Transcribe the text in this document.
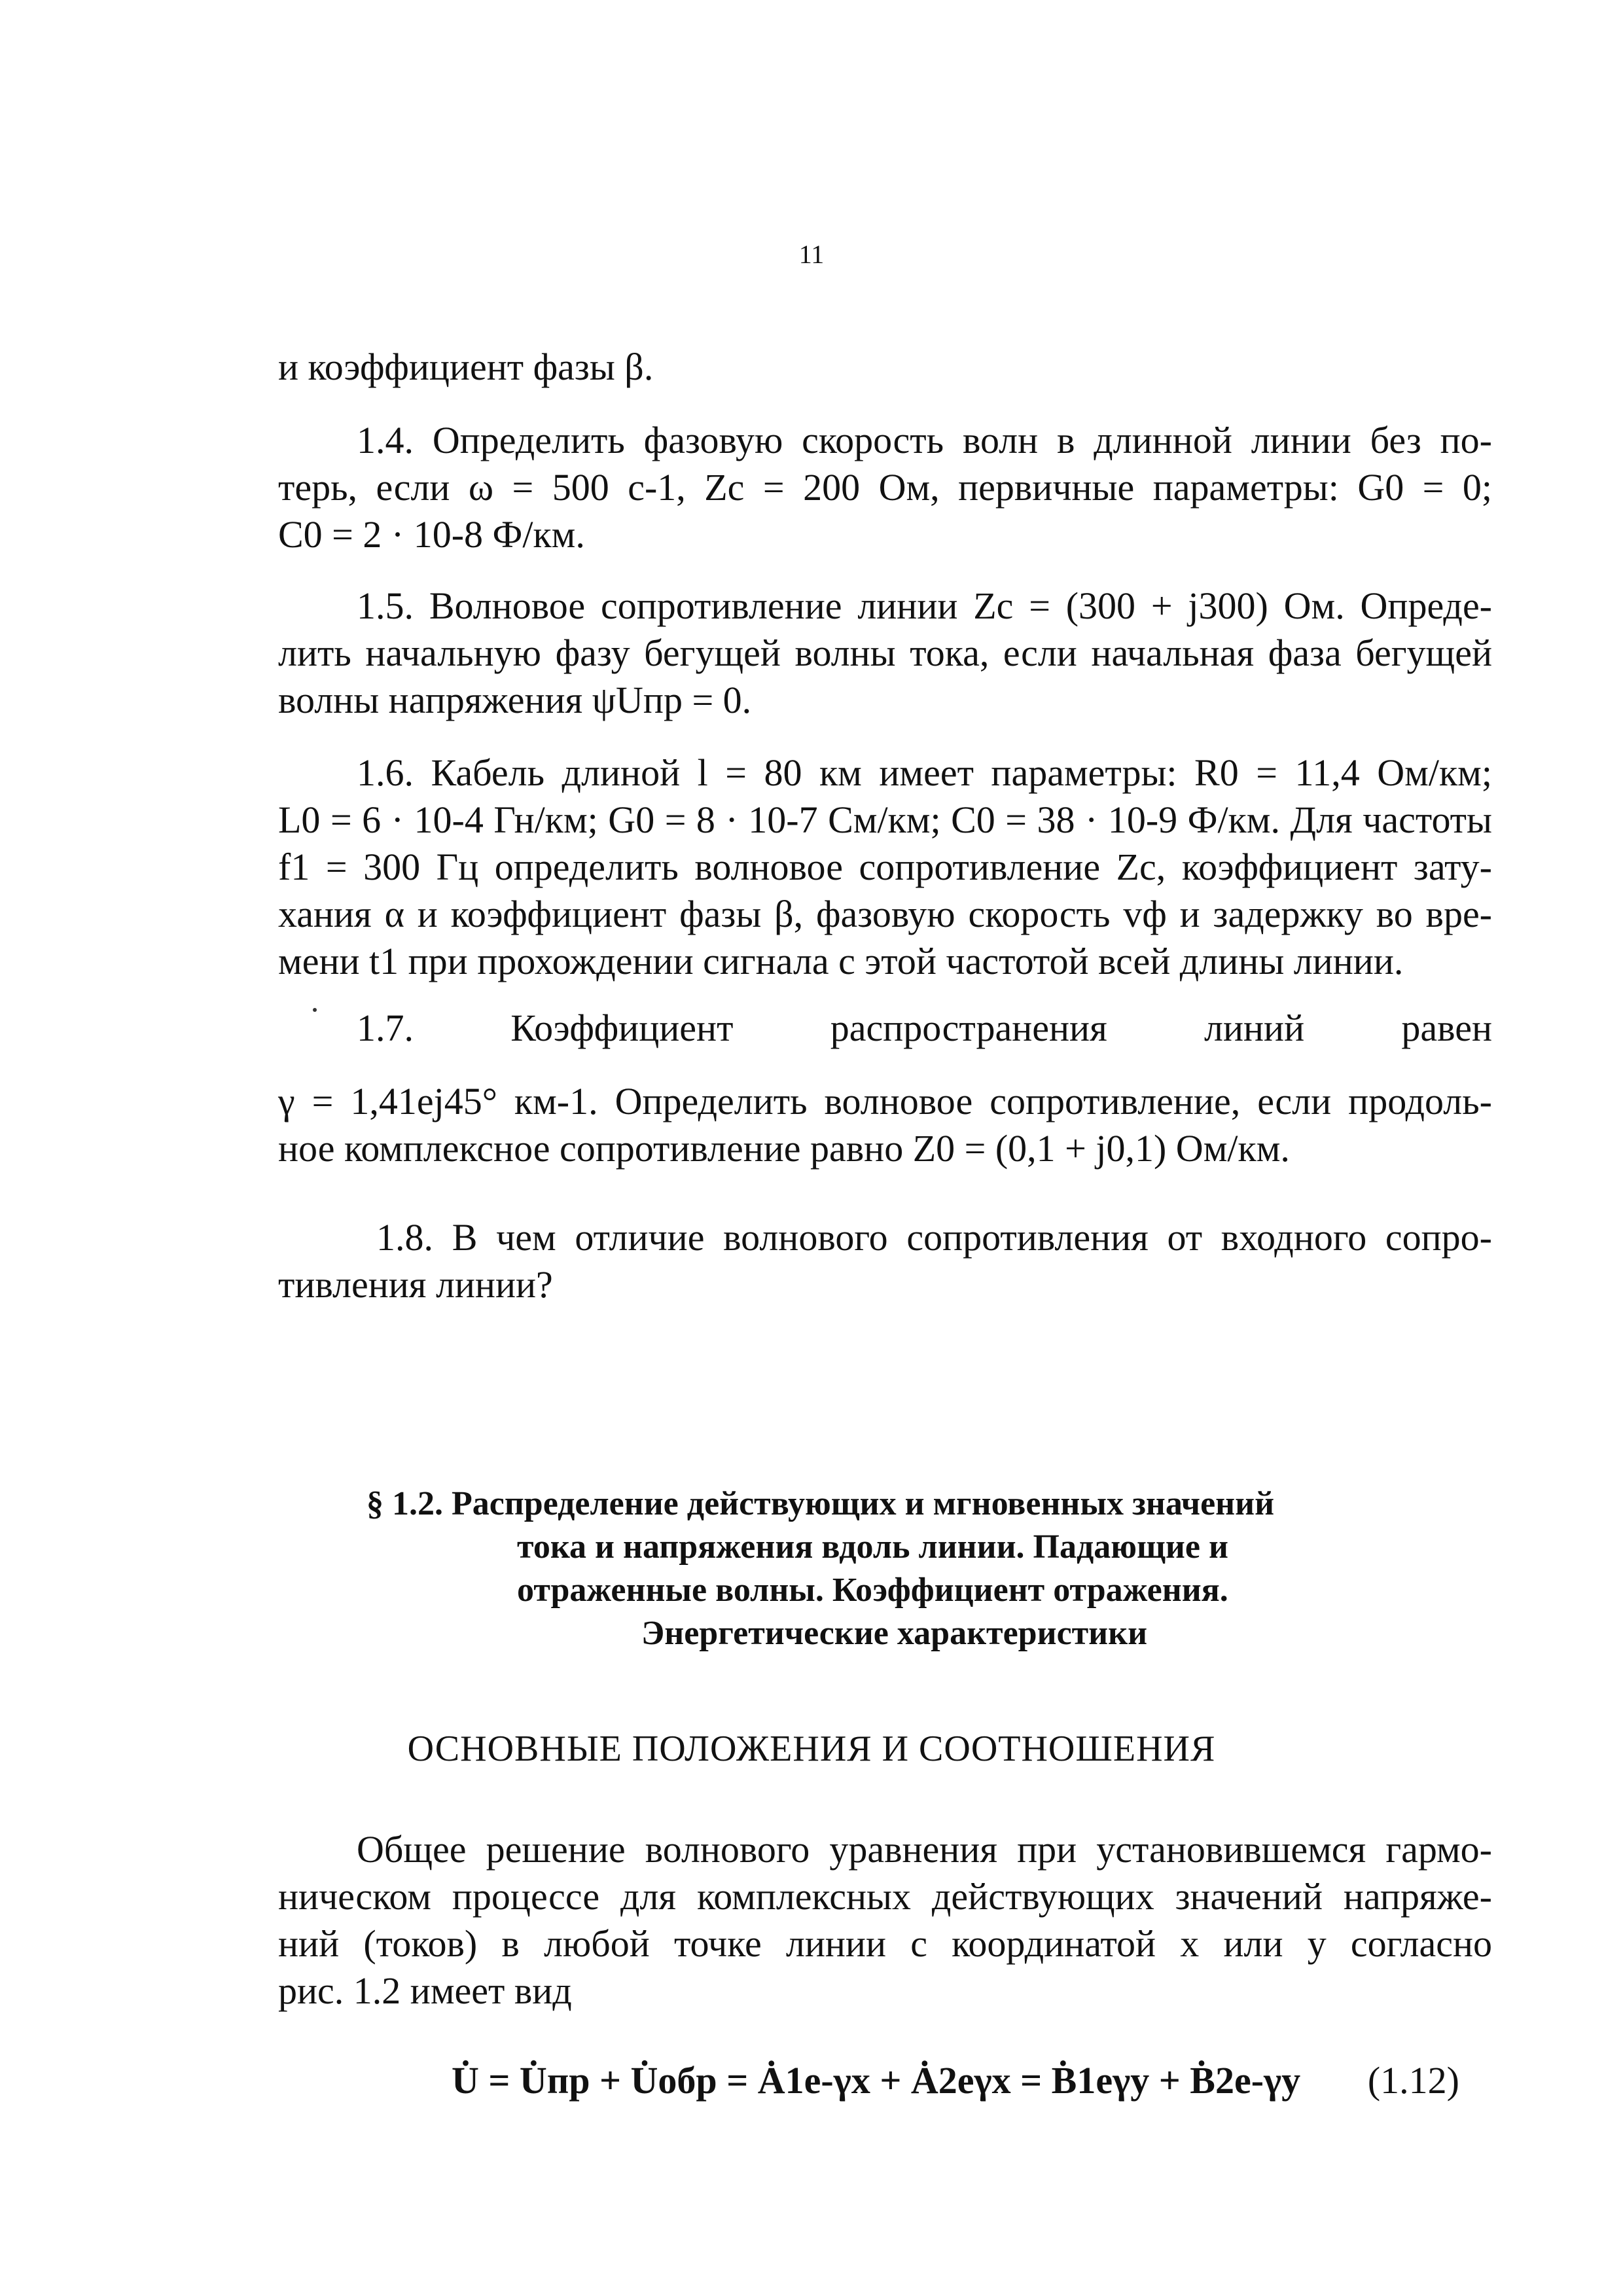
11
и коэффициент фазы β.
1.4. Определить фазовую скорость волн в длинной линии без по-
терь, если ω = 500 с-1, Zc = 200 Ом, первичные параметры: G0 = 0;
C0 = 2 · 10-8 Ф/км.
1.5. Волновое сопротивление линии Zc = (300 + j300) Ом. Опреде-
лить начальную фазу бегущей волны тока, если начальная фаза бегущей
волны напряжения ψUпр = 0.
1.6. Кабель длиной l = 80 км имеет параметры: R0 = 11,4 Ом/км;
L0 = 6 · 10-4 Гн/км; G0 = 8 · 10-7 См/км; C0 = 38 · 10-9 Ф/км. Для частоты
f1 = 300 Гц определить волновое сопротивление Zc, коэффициент зату-
хания α и коэффициент фазы β, фазовую скорость vф и задержку во вре-
мени t1 при прохождении сигнала с этой частотой всей длины линии.
1.7. Коэффициент распространения линий равен
γ = 1,41ej45° км-1. Определить волновое сопротивление, если продоль-
ное комплексное сопротивление равно Z0 = (0,1 + j0,1) Ом/км.
1.8. В чем отличие волнового сопротивления от входного сопро-
тивления линии?
§ 1.2. Распределение действующих и мгновенных значений
тока и напряжения вдоль линии. Падающие и
отраженные волны. Коэффициент отражения.
Энергетические характеристики
ОСНОВНЫЕ ПОЛОЖЕНИЯ И СООТНОШЕНИЯ
Общее решение волнового уравнения при установившемся гармо-
ническом процессе для комплексных действующих значений напряже-
ний (токов) в любой точке линии с координатой x или y согласно
рис. 1.2 имеет вид
U̇ = U̇пр + U̇обр = Ȧ1e-γx + Ȧ2eγx = Ḃ1eγy + Ḃ2e-γy (1.12)
